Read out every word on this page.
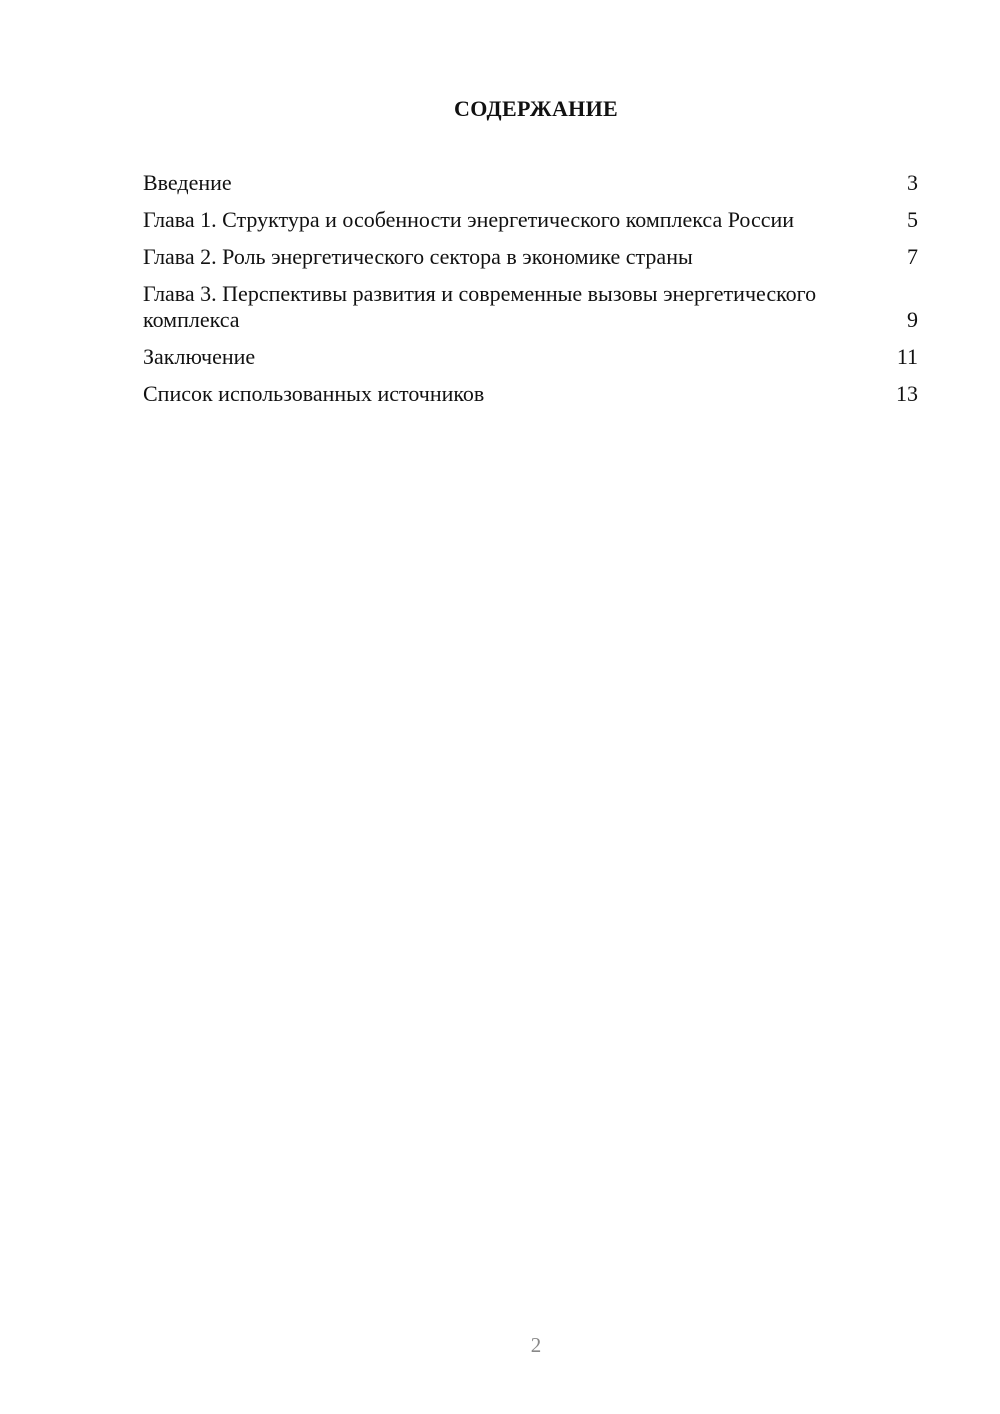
СОДЕРЖАНИЕ
Введение	3
Глава 1. Структура и особенности энергетического комплекса России	5
Глава 2. Роль энергетического сектора в экономике страны	7
Глава 3. Перспективы развития и современные вызовы энергетического комплекса	9
Заключение	11
Список использованных источников	13
2
